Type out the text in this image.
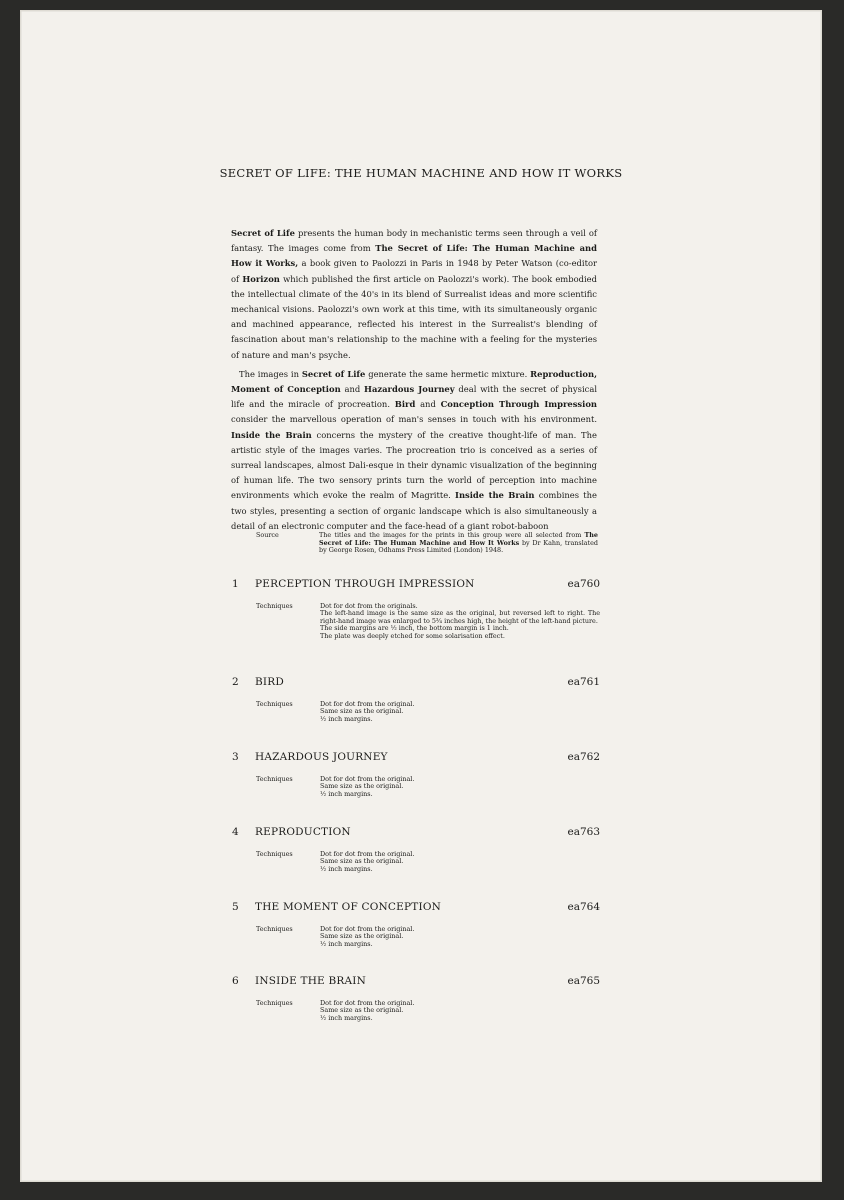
SECRET OF LIFE: THE HUMAN MACHINE AND HOW IT WORKS

Secret of Life presents the human body in mechanistic terms seen through a veil of fantasy. The images come from The Secret of Life: The Human Machine and How it Works, a book given to Paolozzi in Paris in 1948 by Peter Watson (co-editor of Horizon which published the first article on Paolozzi's work). The book embodied the intellectual climate of the 40's in its blend of Surrealist ideas and more scientific mechanical visions. Paolozzi's own work at this time, with its simultaneously organic and machined appearance, reflected his interest in the Surrealist's blending of fascination about man's relationship to the machine with a feeling for the mysteries of nature and man's psyche.

The images in Secret of Life generate the same hermetic mixture. Reproduction, Moment of Conception and Hazardous Journey deal with the secret of physical life and the miracle of procreation. Bird and Conception Through Impression consider the marvellous operation of man's senses in touch with his environment. Inside the Brain concerns the mystery of the creative thought-life of man. The artistic style of the images varies. The procreation trio is conceived as a series of surreal landscapes, almost Dali-esque in their dynamic visualization of the beginning of human life. The two sensory prints turn the world of perception into machine environments which evoke the realm of Magritte. Inside the Brain combines the two styles, presenting a section of organic landscape which is also simultaneously a detail of an electronic computer and the face-head of a giant robot-baboon

Source	The titles and the images for the prints in this group were all selected from The Secret of Life: The Human Machine and How It Works by Dr Kahn, translated by George Rosen, Odhams Press Limited (London) 1948.
1 PERCEPTION THROUGH IMPRESSION	ea760
Techniques	Dot for dot from the originals.
The left-hand image is the same size as the original, but reversed left to right. The right-hand image was enlarged to 5¾ inches high, the height of the left-hand picture.
The side margins are ½ inch, the bottom margin is 1 inch.
The plate was deeply etched for some solarisation effect.
2 BIRD	ea761
Techniques	Dot for dot from the original.
Same size as the original.
½ inch margins.
3 HAZARDOUS JOURNEY	ea762
Techniques	Dot for dot from the original.
Same size as the original.
½ inch margins.
4 REPRODUCTION	ea763
Techniques	Dot for dot from the original.
Same size as the original.
½ inch margins.
5 THE MOMENT OF CONCEPTION	ea764
Techniques	Dot for dot from the original.
Same size as the original.
½ inch margins.
6 INSIDE THE BRAIN	ea765
Techniques	Dot for dot from the original.
Same size as the original.
½ inch margins.
